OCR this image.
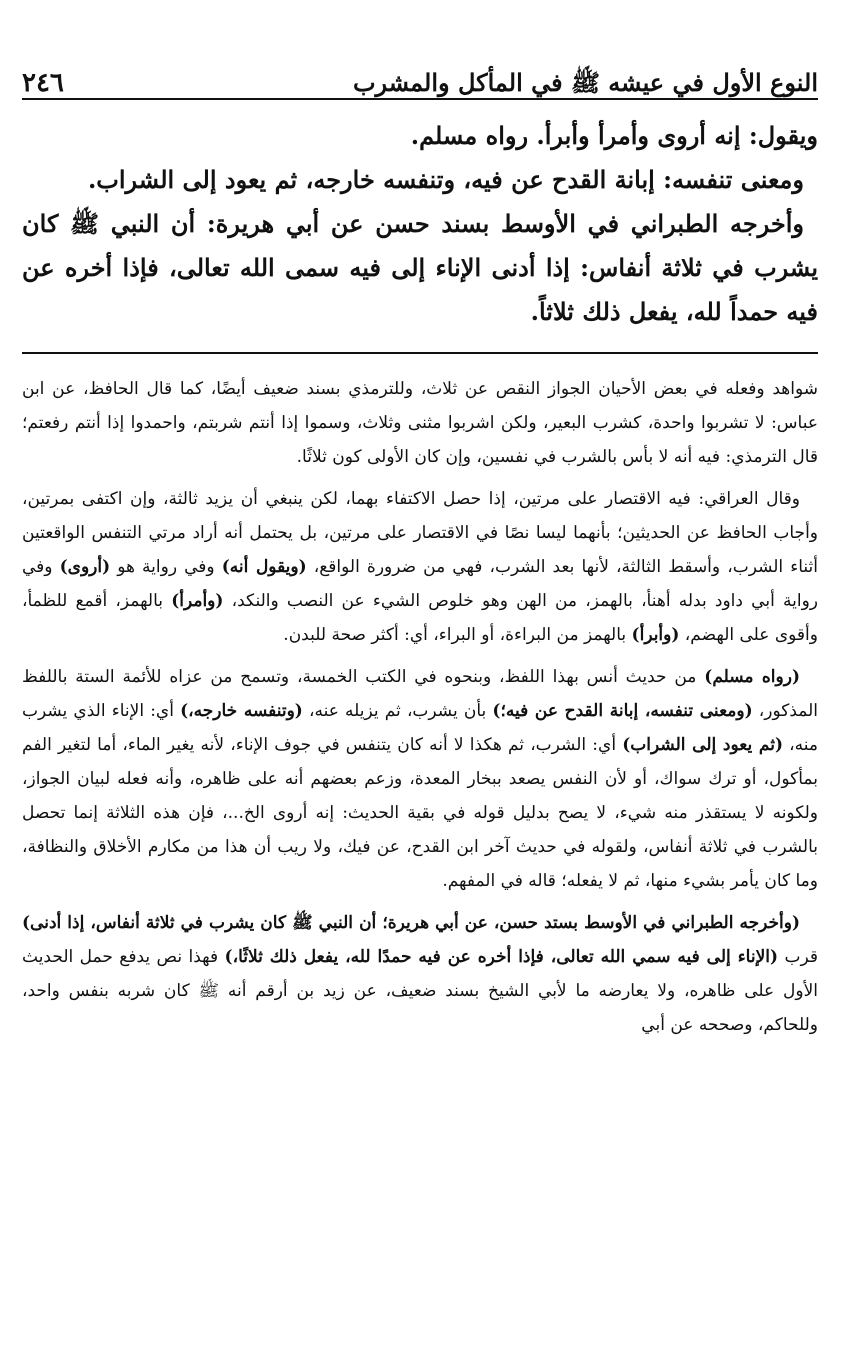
النوع الأول في عيشه ﷺ في المأكل والمشرب
٢٤٦

ويقول: إنه أروى وأمرأ وأبرأ. رواه مسلم.

ومعنى تنفسه: إبانة القدح عن فيه، وتنفسه خارجه، ثم يعود إلى الشراب.

وأخرجه الطبراني في الأوسط بسند حسن عن أبي هريرة: أن النبي ﷺ كان يشرب في ثلاثة أنفاس: إذا أدنى الإناء إلى فيه سمى الله تعالى، فإذا أخره عن فيه حمداً لله، يفعل ذلك ثلاثاً.

شواهد وفعله في بعض الأحيان الجواز النقص عن ثلاث، وللترمذي بسند ضعيف أيضًا، كما قال الحافظ، عن ابن عباس: لا تشربوا واحدة، كشرب البعير، ولكن اشربوا مثنى وثلاث، وسموا إذا أنتم شربتم، واحمدوا إذا أنتم رفعتم؛ قال الترمذي: فيه أنه لا بأس بالشرب في نفسين، وإن كان الأولى كون ثلاثًا.

وقال العراقي: فيه الاقتصار على مرتين، إذا حصل الاكتفاء بهما، لكن ينبغي أن يزيد ثالثة، وإن اكتفى بمرتين، وأجاب الحافظ عن الحديثين؛ بأنهما ليسا نصًا في الاقتصار على مرتين، بل يحتمل أنه أراد مرتي التنفس الواقعتين أثناء الشرب، وأسقط الثالثة، لأنها بعد الشرب، فهي من ضرورة الواقع، (ويقول أنه) وفي رواية هو (أروى) وفي رواية أبي داود بدله أهنأ، بالهمز، من الهن وهو خلوص الشيء عن النصب والنكد، (وأمرأ) بالهمز، أقمع للظمأ، وأقوى على الهضم، (وأبرأ) بالهمز من البراءة، أو البراء، أي: أكثر صحة للبدن.

(رواه مسلم) من حديث أنس بهذا اللفظ، وبنحوه في الكتب الخمسة، وتسمح من عزاه للأئمة الستة باللفظ المذكور، (ومعنى تنفسه، إبانة القدح عن فيه؛) بأن يشرب، ثم يزيله عنه، (وتنفسه خارجه،) أي: الإناء الذي يشرب منه، (ثم يعود إلى الشراب) أي: الشرب، ثم هكذا لا أنه كان يتنفس في جوف الإناء، لأنه يغير الماء، أما لتغير الفم بمأكول، أو ترك سواك، أو لأن النفس يصعد ببخار المعدة، وزعم بعضهم أنه على ظاهره، وأنه فعله لبيان الجواز، ولكونه لا يستقذر منه شيء، لا يصح بدليل قوله في بقية الحديث: إنه أروى الخ...، فإن هذه الثلاثة إنما تحصل بالشرب في ثلاثة أنفاس، ولقوله في حديث آخر ابن القدح، عن فيك، ولا ريب أن هذا من مكارم الأخلاق والنظافة، وما كان يأمر بشيء منها، ثم لا يفعله؛ قاله في المفهم.

(وأخرجه الطبراني في الأوسط بستد حسن، عن أبي هريرة؛ أن النبي ﷺ كان يشرب في ثلاثة أنفاس، إذا أدنى) قرب (الإناء إلى فيه سمي الله تعالى، فإذا أخره عن فيه حمدًا لله، يفعل ذلك ثلاثًا،) فهذا نص يدفع حمل الحديث الأول على ظاهره، ولا يعارضه ما لأبي الشيخ بسند ضعيف، عن زيد بن أرقم أنه ﷺ كان شربه بنفس واحد، وللحاكم، وصححه عن أبي
